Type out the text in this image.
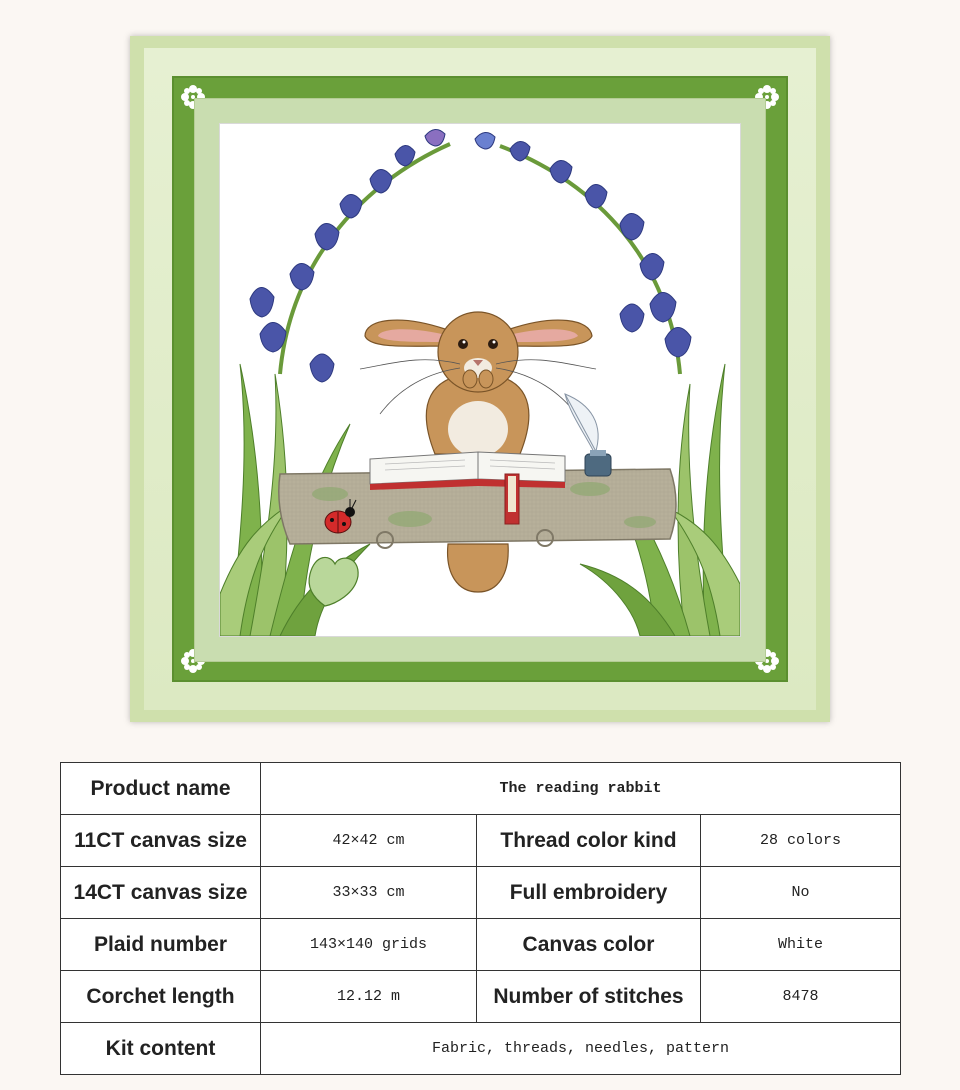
Product name	The reading rabbit		
11CT canvas size	42×42 cm	Thread color kind	28 colors
14CT canvas size	33×33 cm	Full embroidery	No
Plaid number	143×140 grids	Canvas color	White
Corchet length	12.12 m	Number of stitches	8478
Kit content	Fabric, threads, needles, pattern		
